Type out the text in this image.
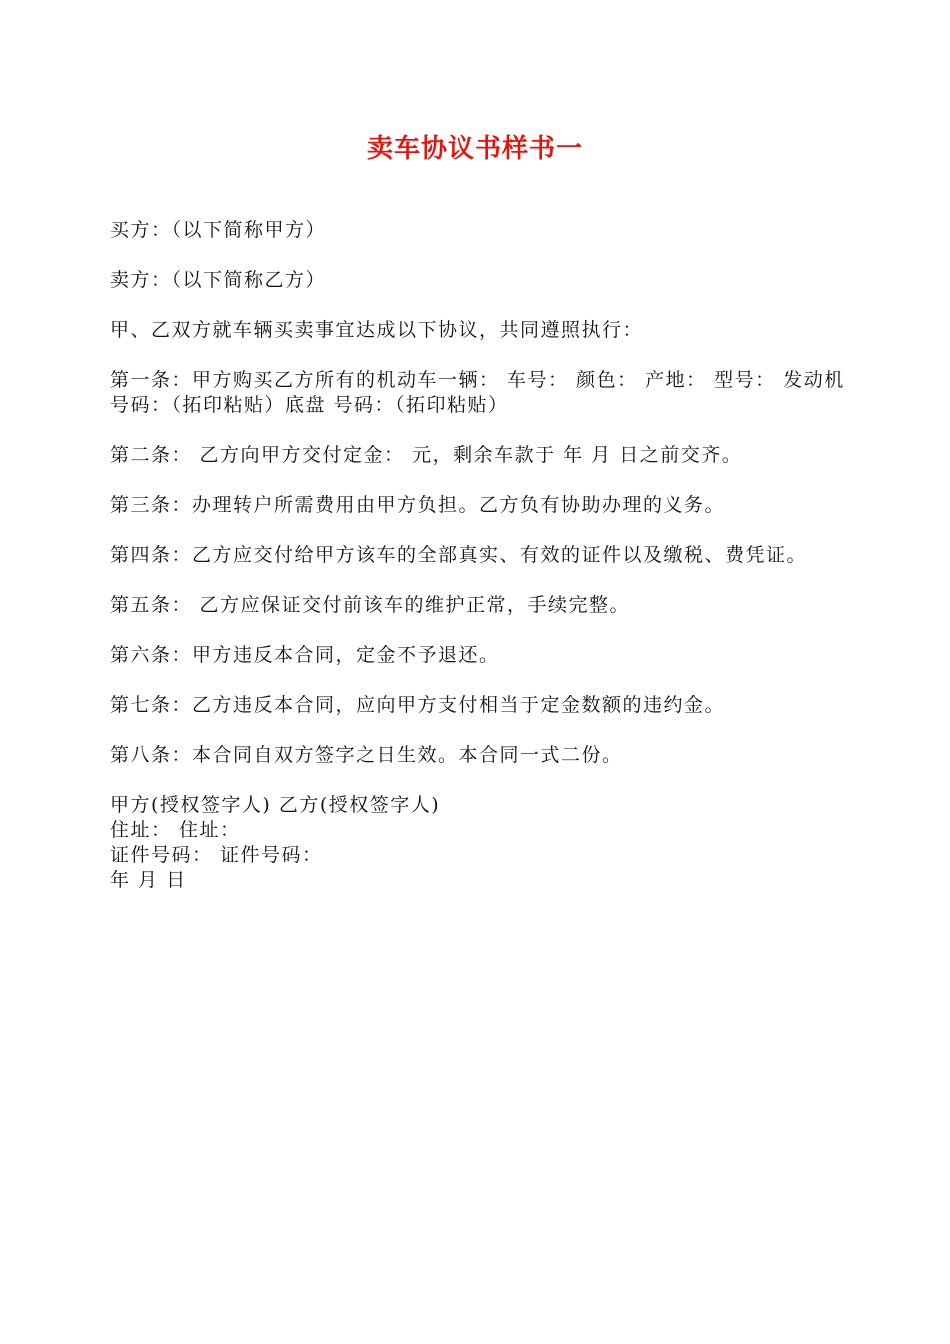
卖车协议书样书一

买方：（以下简称甲方）

卖方：（以下简称乙方）

甲、乙双方就车辆买卖事宜达成以下协议，共同遵照执行：

第一条：甲方购买乙方所有的机动车一辆： 车号： 颜色： 产地： 型号： 发动机号码：（拓印粘贴）底盘 号码：（拓印粘贴）

第二条： 乙方向甲方交付定金： 元，剩余车款于 年 月 日之前交齐。

第三条：办理转户所需费用由甲方负担。乙方负有协助办理的义务。

第四条：乙方应交付给甲方该车的全部真实、有效的证件以及缴税、费凭证。

第五条： 乙方应保证交付前该车的维护正常，手续完整。

第六条：甲方违反本合同，定金不予退还。

第七条：乙方违反本合同，应向甲方支付相当于定金数额的违约金。

第八条：本合同自双方签字之日生效。本合同一式二份。

甲方(授权签字人) 乙方(授权签字人)

住址： 住址：

证件号码： 证件号码：

年 月 日
